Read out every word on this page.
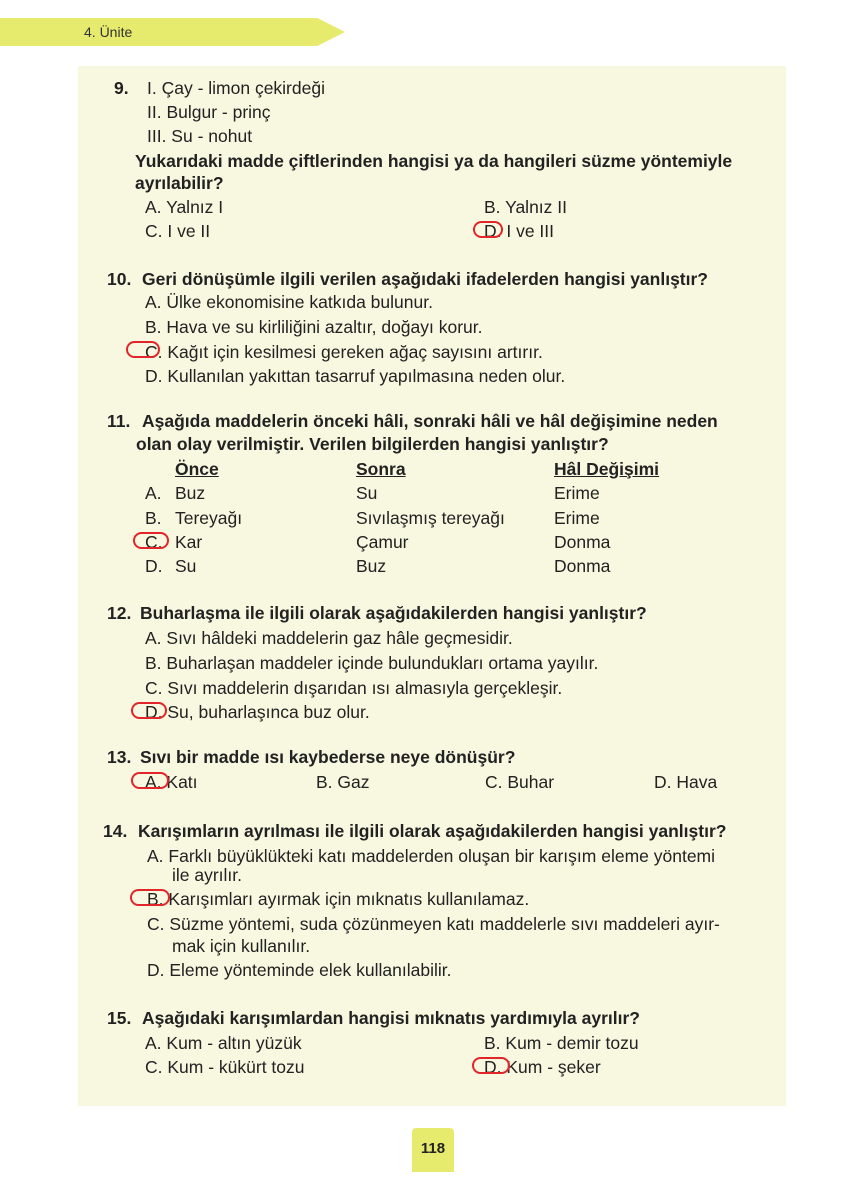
4. Ünite
9. I. Çay - limon çekirdeği
II. Bulgur - prinç
III. Su - nohut
Yukarıdaki madde çiftlerinden hangisi ya da hangileri süzme yöntemiyle
ayrılabilir?
A. Yalnız I	B. Yalnız II
C. I ve II	D. I ve III
10. Geri dönüşümle ilgili verilen aşağıdaki ifadelerden hangisi yanlıştır?
A. Ülke ekonomisine katkıda bulunur.
B. Hava ve su kirliliğini azaltır, doğayı korur.
C. Kağıt için kesilmesi gereken ağaç sayısını artırır.
D. Kullanılan yakıttan tasarruf yapılmasına neden olur.
11. Aşağıda maddelerin önceki hâli, sonraki hâli ve hâl değişimine neden
olan olay verilmiştir. Verilen bilgilerden hangisi yanlıştır?
Önce	Sonra	Hâl Değişimi
A. Buz	Su	Erime
B. Tereyağı	Sıvılaşmış tereyağı	Erime
C. Kar	Çamur	Donma
D. Su	Buz	Donma
12. Buharlaşma ile ilgili olarak aşağıdakilerden hangisi yanlıştır?
A. Sıvı hâldeki maddelerin gaz hâle geçmesidir.
B. Buharlaşan maddeler içinde bulundukları ortama yayılır.
C. Sıvı maddelerin dışarıdan ısı almasıyla gerçekleşir.
D. Su, buharlaşınca buz olur.
13. Sıvı bir madde ısı kaybederse neye dönüşür?
A. Katı	B. Gaz	C. Buhar	D. Hava
14. Karışımların ayrılması ile ilgili olarak aşağıdakilerden hangisi yanlıştır?
A. Farklı büyüklükteki katı maddelerden oluşan bir karışım eleme yöntemi
ile ayrılır.
B. Karışımları ayırmak için mıknatıs kullanılamaz.
C. Süzme yöntemi, suda çözünmeyen katı maddelerle sıvı maddeleri ayır-
mak için kullanılır.
D. Eleme yönteminde elek kullanılabilir.
15. Aşağıdaki karışımlardan hangisi mıknatıs yardımıyla ayrılır?
A. Kum - altın yüzük	B. Kum - demir tozu
C. Kum - kükürt tozu	D. Kum - şeker
118
